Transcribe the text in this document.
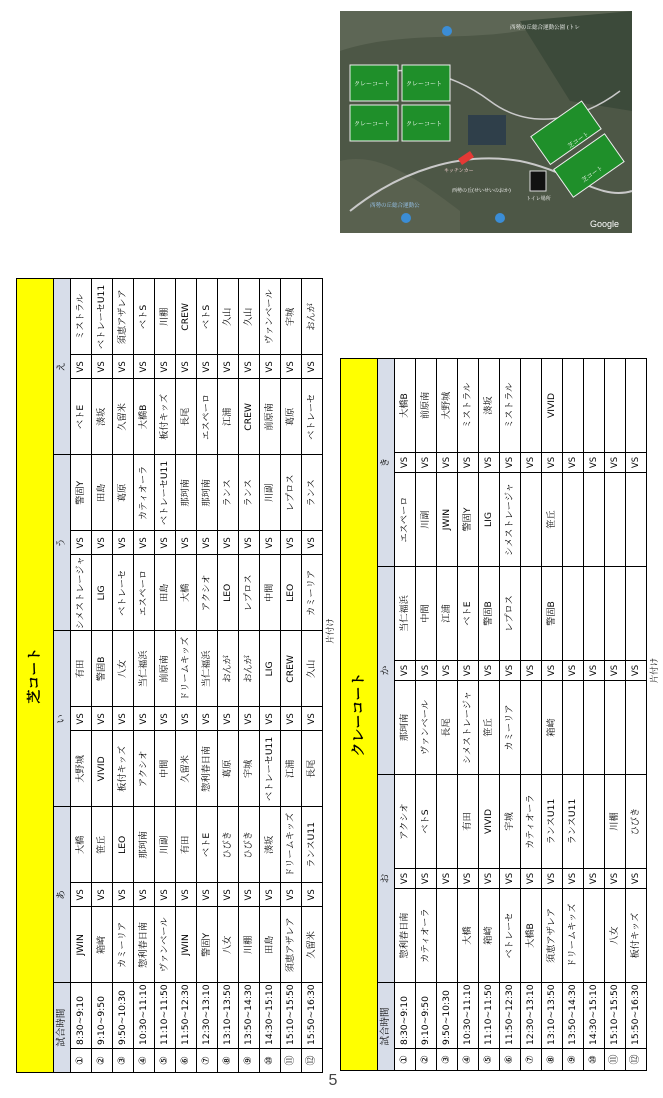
芝コート													
試合時間		あ			い			う			え		
①	8:30~9:10	JWIN	VS	大橋	大野城	VS	有田	シメストレージャ	VS	警固Y	ベトE	VS	ミストラル
②	9:10~9:50	箱崎	VS	笹丘	VIVID	VS	警固B	LIG	VS	田島	湊坂	VS	ベトレーセU11
③	9:50~10:30	カミーリア	VS	LEO	板付キッズ	VS	八女	ベトレーセ	VS	葛原	久留米	VS	須恵アザレア
④	10:30~11:10	惣利春日南	VS	那珂南	アクシオ	VS	当仁福浜	エスペーロ	VS	カティオーラ	大橋B	VS	ベトS
⑤	11:10~11:50	ヴァンベール	VS	川副	中間	VS	前原南	田島	VS	ベトレーセU11	板付キッズ	VS	川棚
⑥	11:50~12:30	JWIN	VS	有田	久留米	VS	ドリームキッズ	大橋	VS	那珂南	長尾	VS	CREW
⑦	12:30~13:10	警固Y	VS	ベトE	惣利春日南	VS	当仁福浜	アクシオ	VS	那珂南	エスペーロ	VS	ベトS
⑧	13:10~13:50	八女	VS	ひびき	葛原	VS	おんが	LEO	VS	ランス	江浦	VS	久山
⑨	13:50~14:30	川棚	VS	ひびき	宇城	VS	おんが	レプロス	VS	ランス	CREW	VS	久山
⑩	14:30~15:10	田島	VS	湊坂	ベトレーセU11	VS	LIG	中間	VS	川副	前原南	VS	ヴァンベール
⑪	15:10~15:50	須恵アザレア	VS	ドリームキッズ	江浦	VS	CREW	LEO	VS	レプロス	葛原	VS	宇城
⑫	15:50~16:30	久留米	VS	ランスU11	長尾	VS	久山	カミーリア	VS	ランス	ベトレーセ	VS	おんが
		片付け											
クレーコート	クレーコート
クレーコート	クレーコート
芝コート
芝コート
トイレ場所
キッチンカー
西勢の丘総合運動公園 (トレ
西勢の丘総合運動公
西勢の丘(せいせいのおか)
Google
クレーコート										
試合時間		お			か			き		
①	8:30~9:10	惣利春日南	VS	アクシオ	那珂南	VS	当仁福浜	エスペーロ	VS	大橋B
②	9:10~9:50	カティオーラ	VS	ベトS	ヴァンベール	VS	中間	川副	VS	前原南
③	9:50~10:30		VS		長尾	VS	江浦	JWIN	VS	大野城
④	10:30~11:10	大橋	VS	有田	シメストレージャ	VS	ベトE	警固Y	VS	ミストラル
⑤	11:10~11:50	箱崎	VS	VIVID	笹丘	VS	警固B	LIG	VS	湊坂
⑥	11:50~12:30	ベトレーセ	VS	宇城	カミーリア	VS	レプロス	シメストレージャ	VS	ミストラル
⑦	12:30~13:10	大橋B	VS	カティオーラ		VS			VS	
⑧	13:10~13:50	須恵アザレア	VS	ランスU11	箱崎	VS	警固B	笹丘	VS	VIVID
⑨	13:50~14:30	ドリームキッズ	VS	ランスU11		VS			VS	
⑩	14:30~15:10		VS			VS			VS	
⑪	15:10~15:50	八女	VS	川棚		VS			VS	
⑫	15:50~16:30	板付キッズ	VS	ひびき		VS			VS	
		片付け								
5
